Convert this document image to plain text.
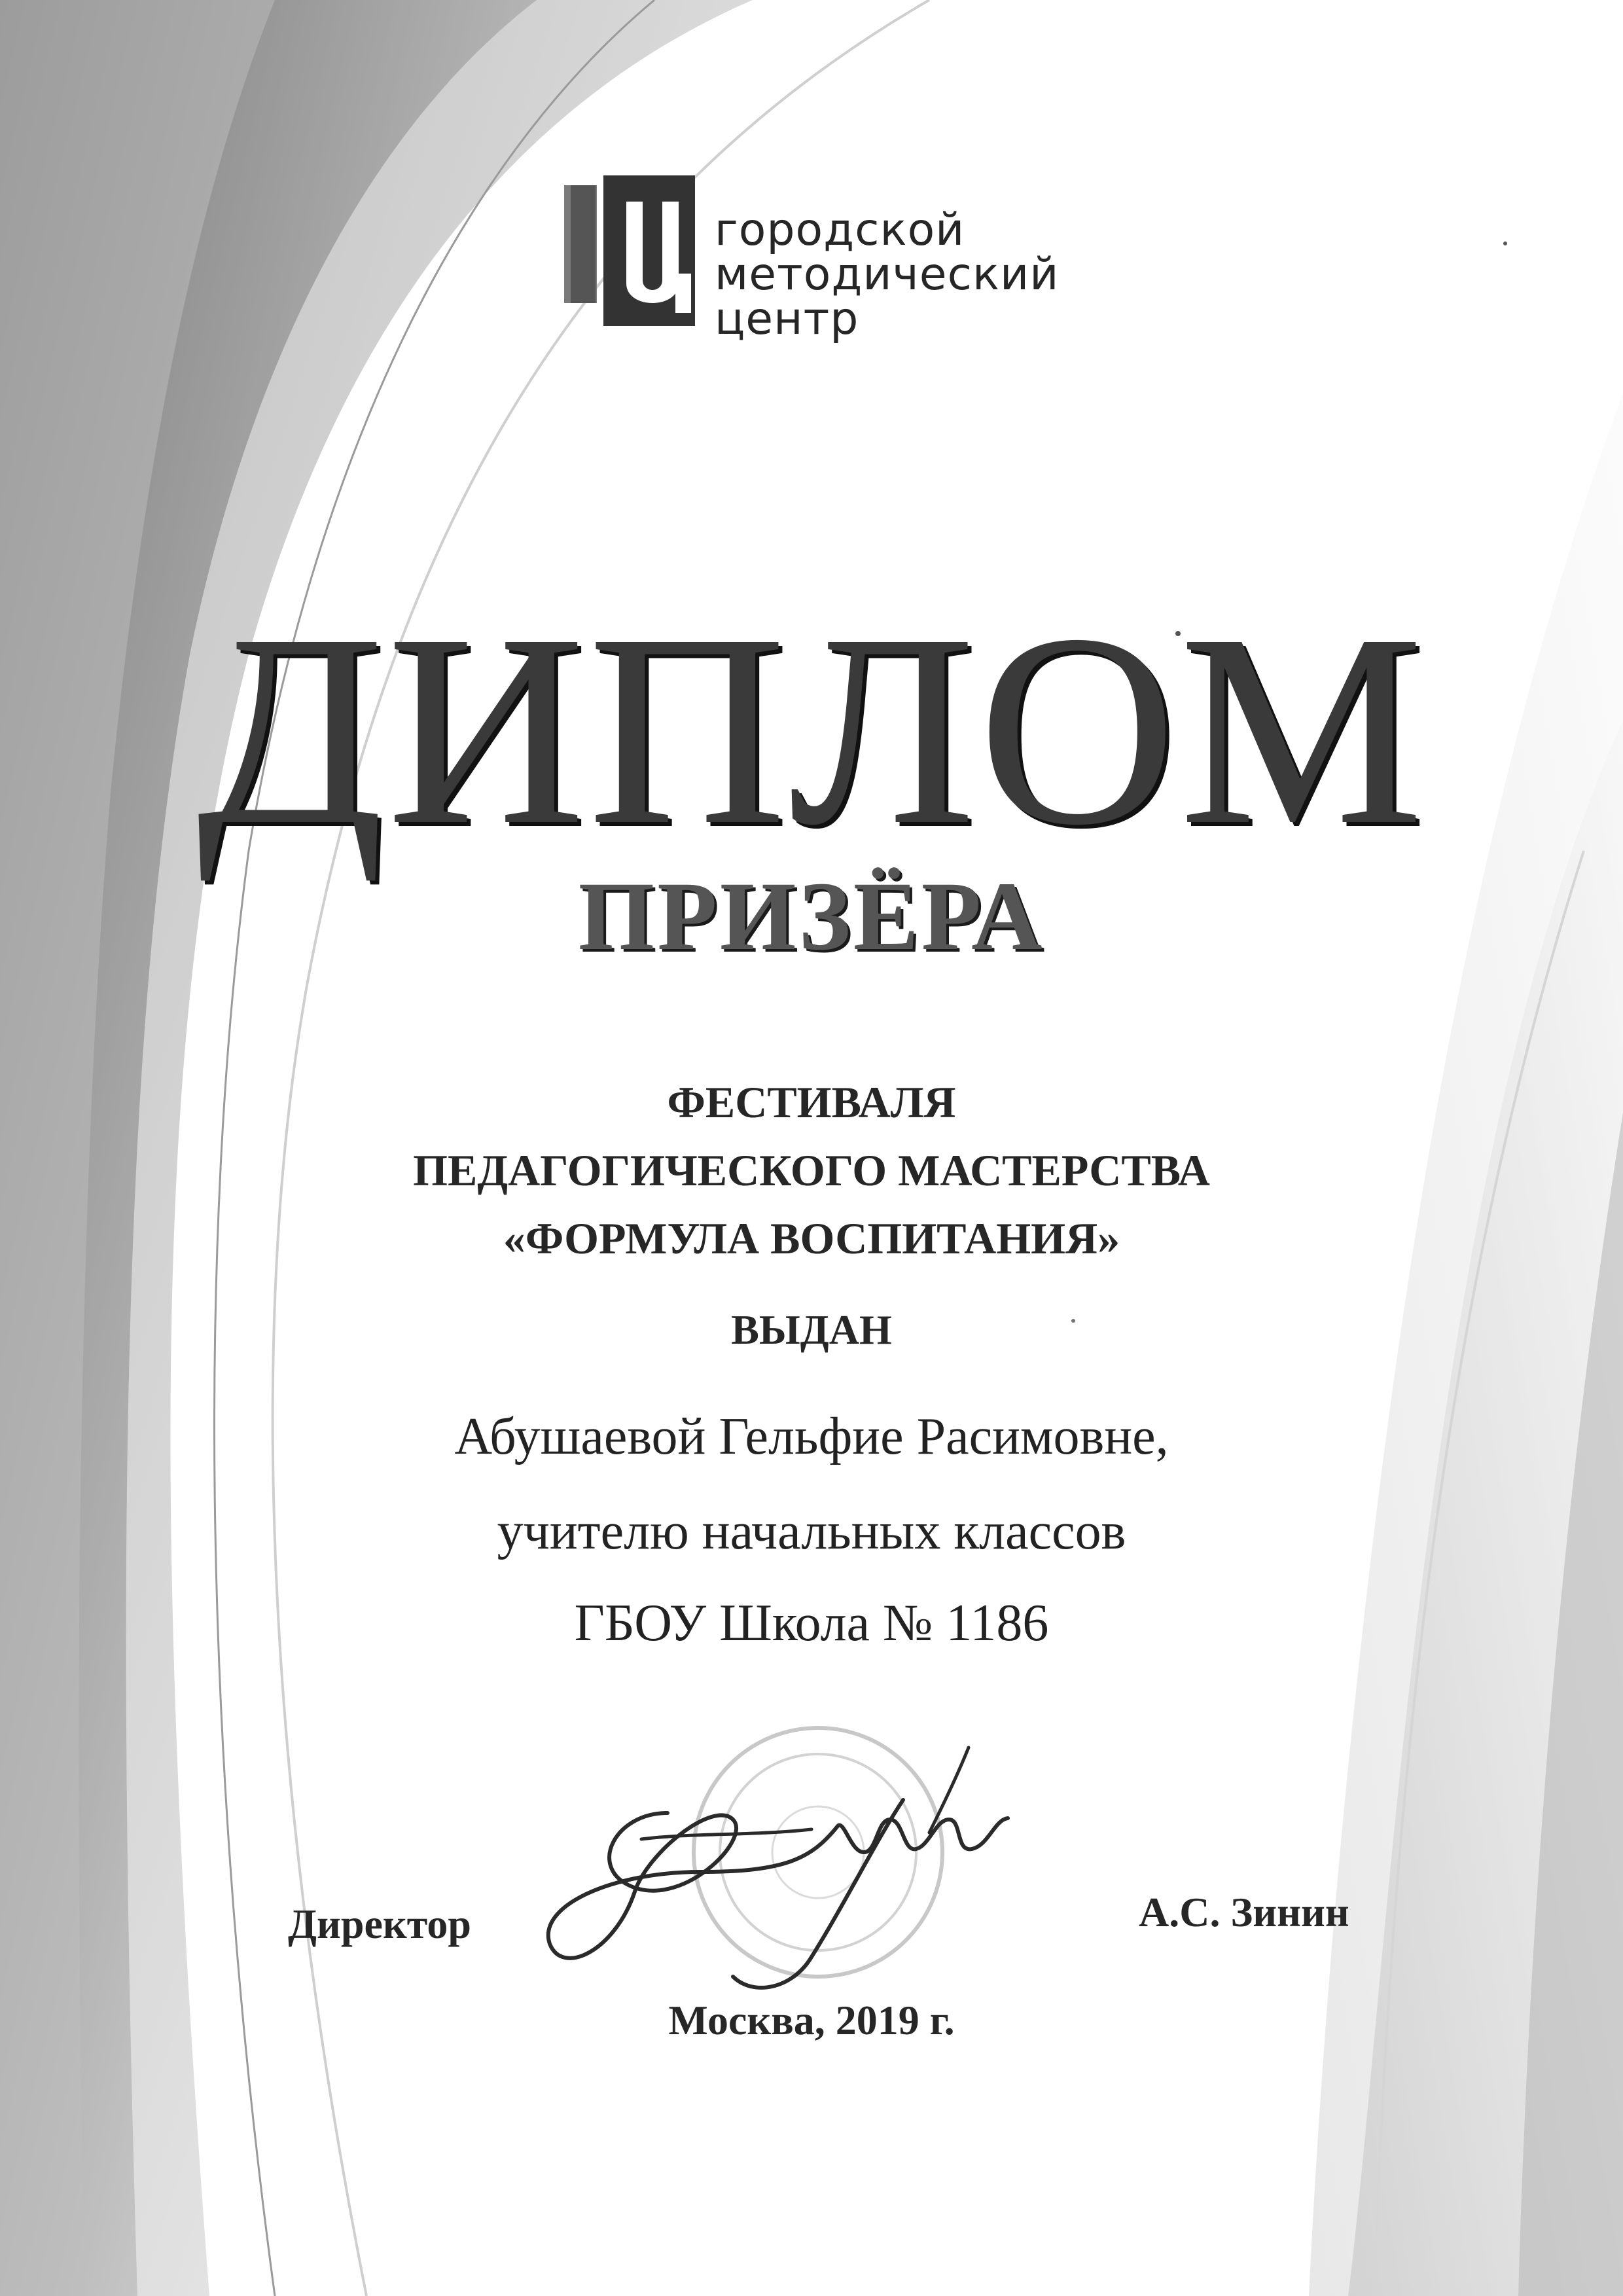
городской
методический
центр
ДИПЛОМ
ПРИЗЁРА
ФЕСТИВАЛЯ
ПЕДАГОГИЧЕСКОГО МАСТЕРСТВА
«ФОРМУЛА ВОСПИТАНИЯ»
ВЫДАН
Абушаевой Гельфие Расимовне,
учителю начальных классов
ГБОУ Школа № 1186
Директор	А.С. Зинин
Москва, 2019 г.
